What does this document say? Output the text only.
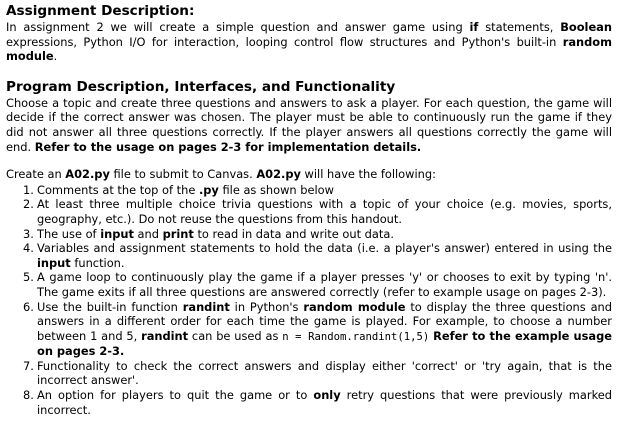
Assignment Description:

In assignment 2 we will create a simple question and answer game using if statements, Boolean expressions, Python I/O for interaction, looping control flow structures and Python's built-in random module.

Program Description, Interfaces, and Functionality

Choose a topic and create three questions and answers to ask a player. For each question, the game will decide if the correct answer was chosen. The player must be able to continuously run the game if they did not answer all three questions correctly. If the player answers all questions correctly the game will end. Refer to the usage on pages 2-3 for implementation details.

Create an A02.py file to submit to Canvas. A02.py will have the following:

1. Comments at the top of the .py file as shown below
2. At least three multiple choice trivia questions with a topic of your choice (e.g. movies, sports, geography, etc.). Do not reuse the questions from this handout.
3. The use of input and print to read in data and write out data.
4. Variables and assignment statements to hold the data (i.e. a player's answer) entered in using the input function.
5. A game loop to continuously play the game if a player presses 'y' or chooses to exit by typing 'n'. The game exits if all three questions are answered correctly (refer to example usage on pages 2-3).
6. Use the built-in function randint in Python's random module to display the three questions and answers in a different order for each time the game is played. For example, to choose a number between 1 and 5, randint can be used as n = Random.randint(1,5) Refer to the example usage on pages 2-3.
7. Functionality to check the correct answers and display either 'correct' or 'try again, that is the incorrect answer'.
8. An option for players to quit the game or to only retry questions that were previously marked incorrect.
